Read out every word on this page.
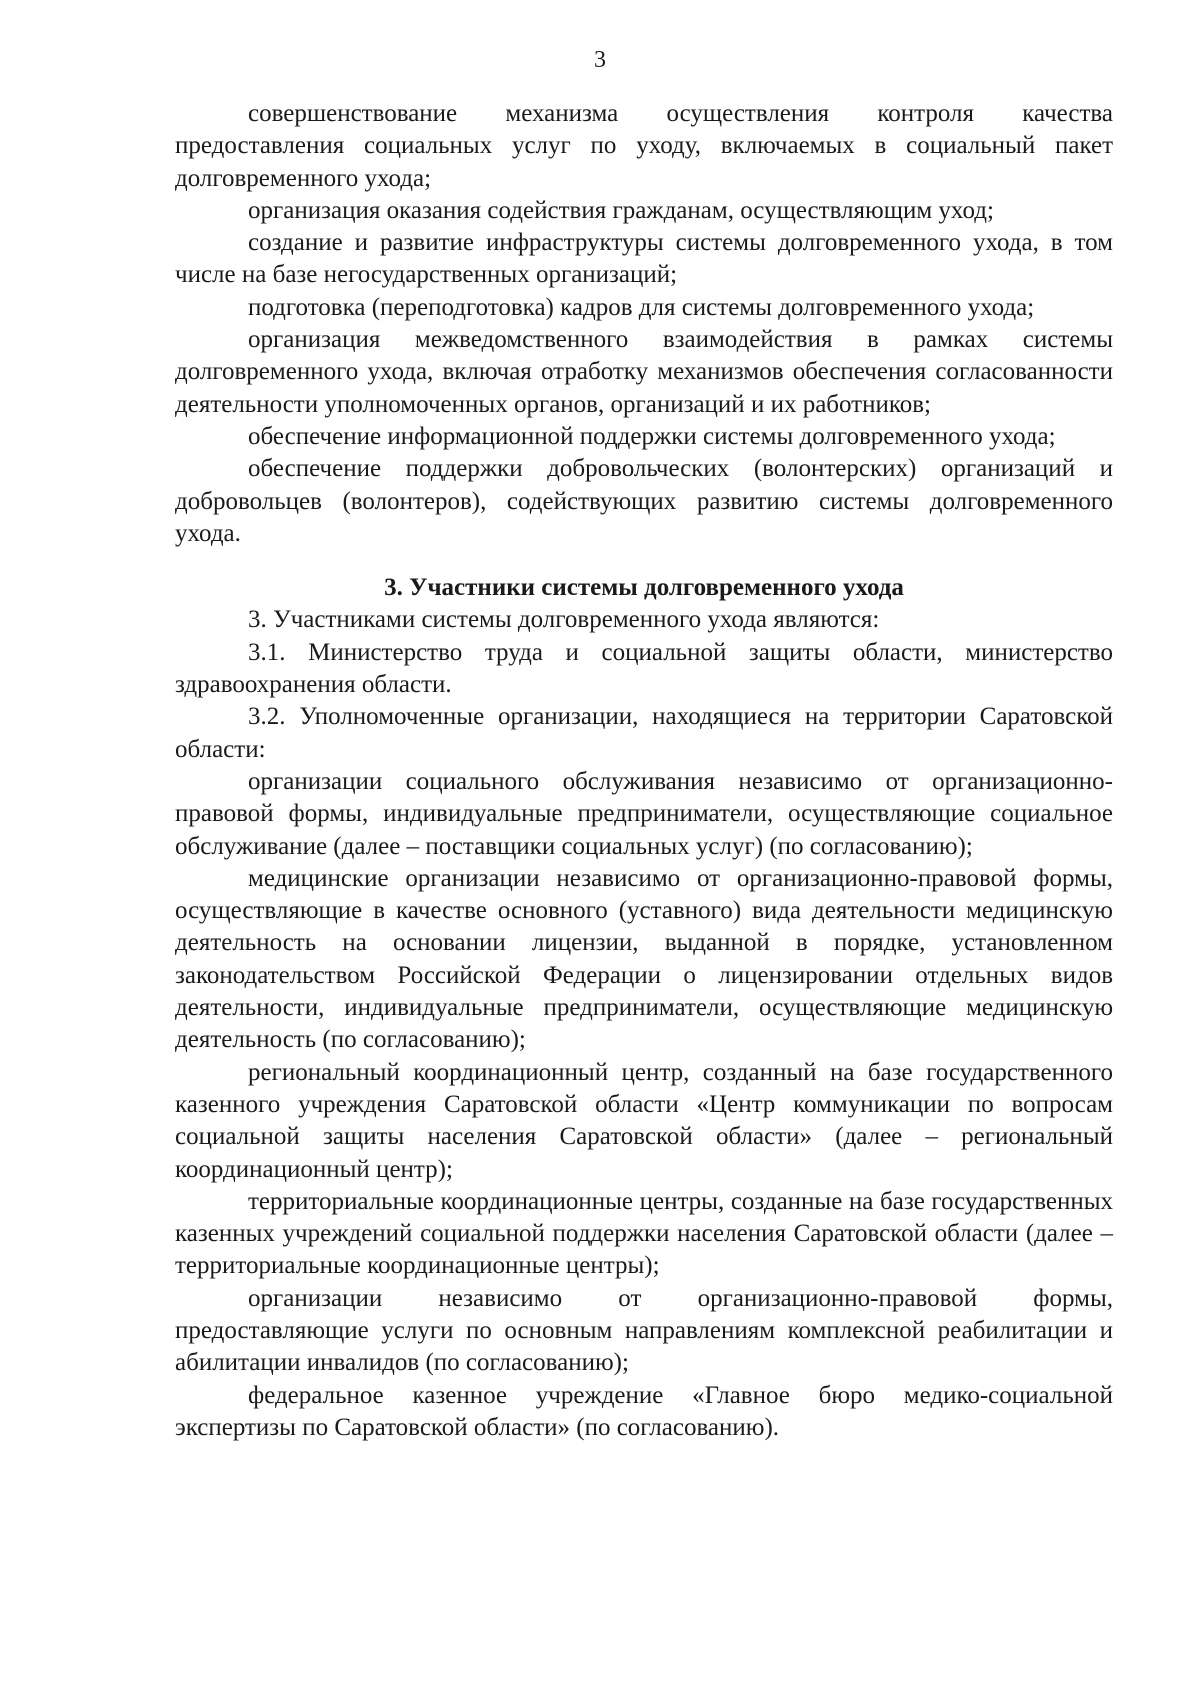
3

совершенствование механизма осуществления контроля качества предоставления социальных услуг по уходу, включаемых в социальный пакет долговременного ухода;

организация оказания содействия гражданам, осуществляющим уход;

создание и развитие инфраструктуры системы долговременного ухода, в том числе на базе негосударственных организаций;

подготовка (переподготовка) кадров для системы долговременного ухода;

организация межведомственного взаимодействия в рамках системы долговременного ухода, включая отработку механизмов обеспечения согласованности деятельности уполномоченных органов, организаций и их работников;

обеспечение информационной поддержки системы долговременного ухода;

обеспечение поддержки добровольческих (волонтерских) организаций и добровольцев (волонтеров), содействующих развитию системы долговременного ухода.

3. Участники системы долговременного ухода

3. Участниками системы долговременного ухода являются:

3.1. Министерство труда и социальной защиты области, министерство здравоохранения области.

3.2. Уполномоченные организации, находящиеся на территории Саратовской области:

организации социального обслуживания независимо от организационно-правовой формы, индивидуальные предприниматели, осуществляющие социальное обслуживание (далее – поставщики социальных услуг) (по согласованию);

медицинские организации независимо от организационно-правовой формы, осуществляющие в качестве основного (уставного) вида деятельности медицинскую деятельность на основании лицензии, выданной в порядке, установленном законодательством Российской Федерации о лицензировании отдельных видов деятельности, индивидуальные предприниматели, осуществляющие медицинскую деятельность (по согласованию);

региональный координационный центр, созданный на базе государственного казенного учреждения Саратовской области «Центр коммуникации по вопросам социальной защиты населения Саратовской области» (далее – региональный координационный центр);

территориальные координационные центры, созданные на базе государственных казенных учреждений социальной поддержки населения Саратовской области (далее – территориальные координационные центры);

организации независимо от организационно-правовой формы, предоставляющие услуги по основным направлениям комплексной реабилитации и абилитации инвалидов (по согласованию);

федеральное казенное учреждение «Главное бюро медико-социальной экспертизы по Саратовской области» (по согласованию).
